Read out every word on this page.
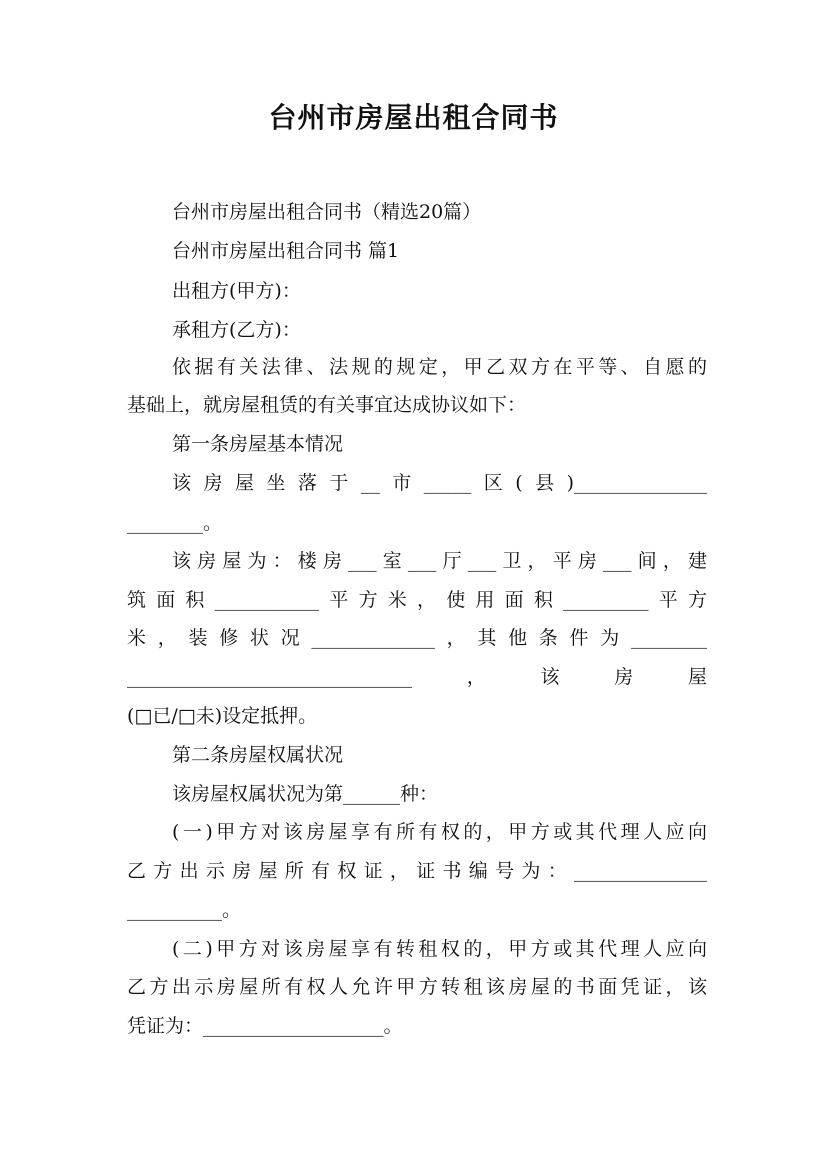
台州市房屋出租合同书
台州市房屋出租合同书（精选20篇）
台州市房屋出租合同书 篇1
出租方(甲方)：
承租方(乙方)：
依据有关法律、法规的规定，甲乙双方在平等、自愿的
基础上，就房屋租赁的有关事宜达成协议如下：
第一条房屋基本情况
该房屋坐落于__市_____区(县)______________
________。
该房屋为：楼房___室___厅___卫，平房___间，建
筑面积___________平方米，使用面积_________平方
米，装修状况_____________，其他条件为________
______________________________，该房屋
(□已/□未)设定抵押。
第二条房屋权属状况
该房屋权属状况为第______种：
(一)甲方对该房屋享有所有权的，甲方或其代理人应向
乙方出示房屋所有权证，证书编号为：______________
__________。
(二)甲方对该房屋享有转租权的，甲方或其代理人应向
乙方出示房屋所有权人允许甲方转租该房屋的书面凭证，该
凭证为：___________________。
